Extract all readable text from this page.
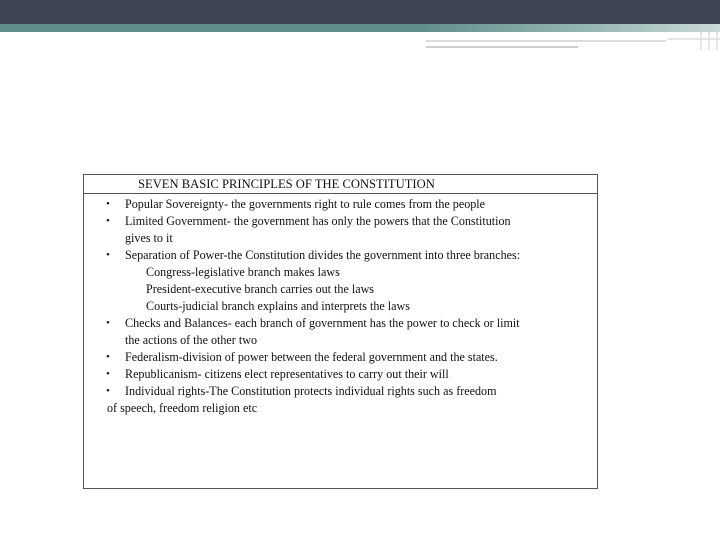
SEVEN BASIC PRINCIPLES OF THE CONSTITUTION
• Popular Sovereignty- the governments right to rule comes from the people
• Limited Government- the government has only the powers that the Constitution
gives to it
• Separation of Power-the Constitution divides the government into three branches:
Congress-legislative branch makes laws
President-executive branch carries out the laws
Courts-judicial branch explains and interprets the laws
• Checks and Balances- each branch of government has the power to check or limit
the actions of the other two
• Federalism-division of power between the federal government and the states.
• Republicanism- citizens elect representatives to carry out their will
• Individual rights-The Constitution protects individual rights such as freedom
of speech, freedom religion etc
